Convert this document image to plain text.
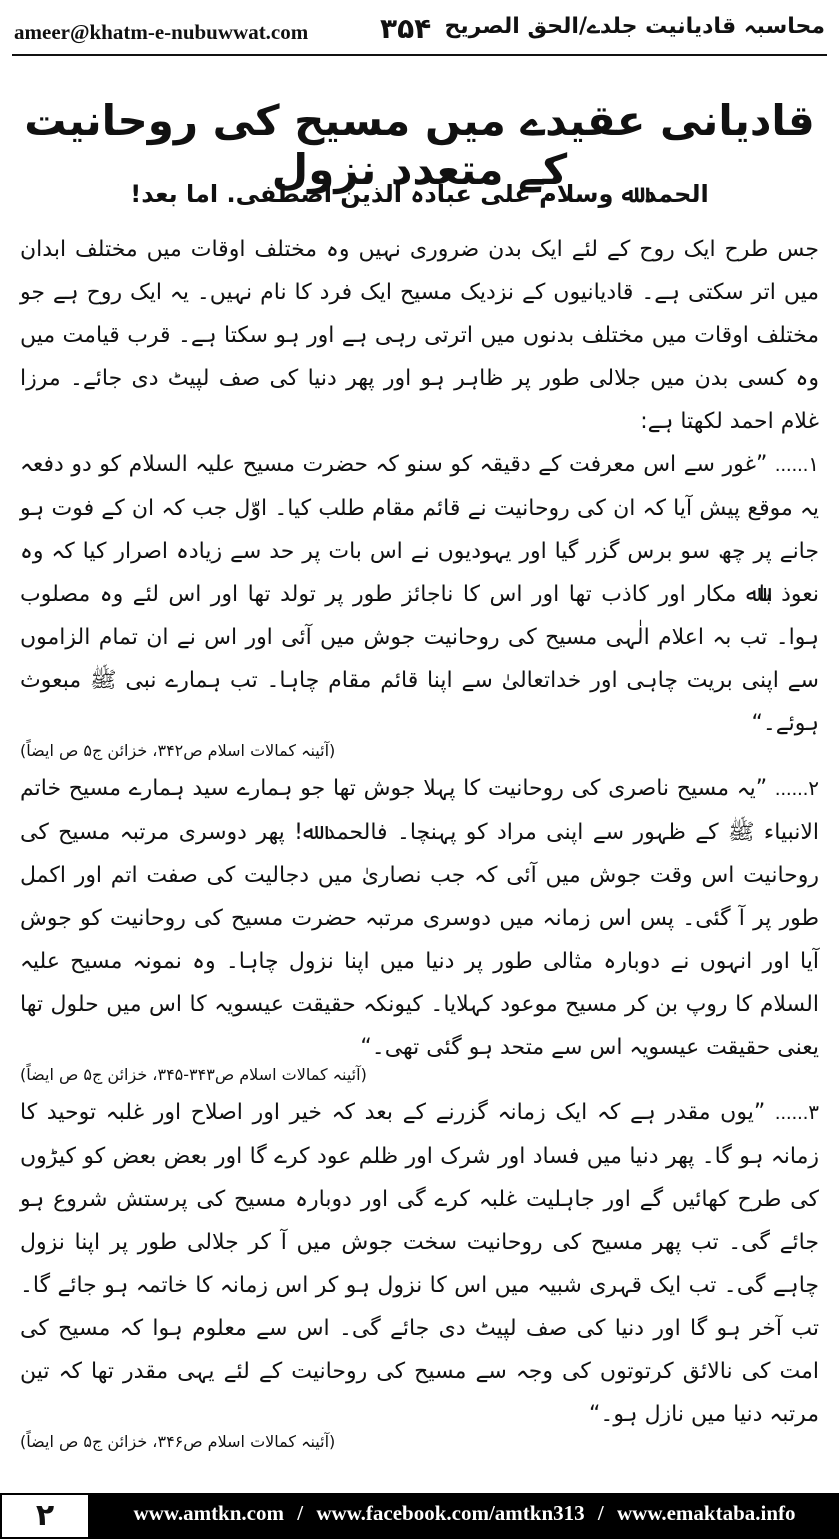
ameer@khatm-e-nubuwwat.com	۳۵۴ محاسبہ قادیانیت جلدے/الحق الصریح
قادیانی عقیدے میں مسیح کی روحانیت کے متعدد نزول
الحمد ﷲ وسلام علی عبادہ الذین اصطفی. اما بعد!

جس طرح ایک روح کے لئے ایک بدن ضروری نہیں وہ مختلف اوقات میں مختلف ابدان میں اتر سکتی ہے۔ قادیانیوں کے نزدیک مسیح ایک فرد کا نام نہیں۔ یہ ایک روح ہے جو مختلف اوقات میں مختلف بدنوں میں اترتی رہی ہے اور ہو سکتا ہے۔ قرب قیامت میں وہ کسی بدن میں جلالی طور پر ظاہر ہو اور پھر دنیا کی صف لپیٹ دی جائے۔ مرزا غلام احمد لکھتا ہے:

۱...... ”غور سے اس معرفت کے دقیقہ کو سنو کہ حضرت مسیح علیہ السلام کو دو دفعہ یہ موقع پیش آیا کہ ان کی روحانیت نے قائم مقام طلب کیا۔ اوّل جب کہ ان کے فوت ہو جانے پر چھ سو برس گزر گیا اور یہودیوں نے اس بات پر حد سے زیادہ اصرار کیا کہ وہ نعوذ باﷲ مکار اور کاذب تھا اور اس کا ناجائز طور پر تولد تھا اور اس لئے وہ مصلوب ہوا۔ تب بہ اعلام الٰہی مسیح کی روحانیت جوش میں آئی اور اس نے ان تمام الزاموں سے اپنی بریت چاہی اور خداتعالیٰ سے اپنا قائم مقام چاہا۔ تب ہمارے نبی ﷺ مبعوث ہوئے۔“

(آئینہ کمالات اسلام ص۳۴۲، خزائن ج۵ ص ایضاً)

۲...... ”یہ مسیح ناصری کی روحانیت کا پہلا جوش تھا جو ہمارے سید ہمارے مسیح خاتم الانبیاء ﷺ کے ظہور سے اپنی مراد کو پہنچا۔ فالحمد ﷲ! پھر دوسری مرتبہ مسیح کی روحانیت اس وقت جوش میں آئی کہ جب نصاریٰ میں دجالیت کی صفت اتم اور اکمل طور پر آ گئی۔ پس اس زمانہ میں دوسری مرتبہ حضرت مسیح کی روحانیت کو جوش آیا اور انہوں نے دوبارہ مثالی طور پر دنیا میں اپنا نزول چاہا۔ وہ نمونہ مسیح علیہ السلام کا روپ بن کر مسیح موعود کہلایا۔ کیونکہ حقیقت عیسویہ کا اس میں حلول تھا یعنی حقیقت عیسویہ اس سے متحد ہو گئی تھی۔“

(آئینہ کمالات اسلام ص۳۴۳-۳۴۵، خزائن ج۵ ص ایضاً)

۳...... ”یوں مقدر ہے کہ ایک زمانہ گزرنے کے بعد کہ خیر اور اصلاح اور غلبہ توحید کا زمانہ ہو گا۔ پھر دنیا میں فساد اور شرک اور ظلم عود کرے گا اور بعض بعض کو کیڑوں کی طرح کھائیں گے اور جاہلیت غلبہ کرے گی اور دوبارہ مسیح کی پرستش شروع ہو جائے گی۔ تب پھر مسیح کی روحانیت سخت جوش میں آ کر جلالی طور پر اپنا نزول چاہے گی۔ تب ایک قہری شبیہ میں اس کا نزول ہو کر اس زمانہ کا خاتمہ ہو جائے گا۔ تب آخر ہو گا اور دنیا کی صف لپیٹ دی جائے گی۔ اس سے معلوم ہوا کہ مسیح کی امت کی نالائق کرتوتوں کی وجہ سے مسیح کی روحانیت کے لئے یہی مقدر تھا کہ تین مرتبہ دنیا میں نازل ہو۔“

(آئینہ کمالات اسلام ص۳۴۶، خزائن ج۵ ص ایضاً)
۲	www.amtkn.com / www.facebook.com/amtkn313 / www.emaktaba.info
